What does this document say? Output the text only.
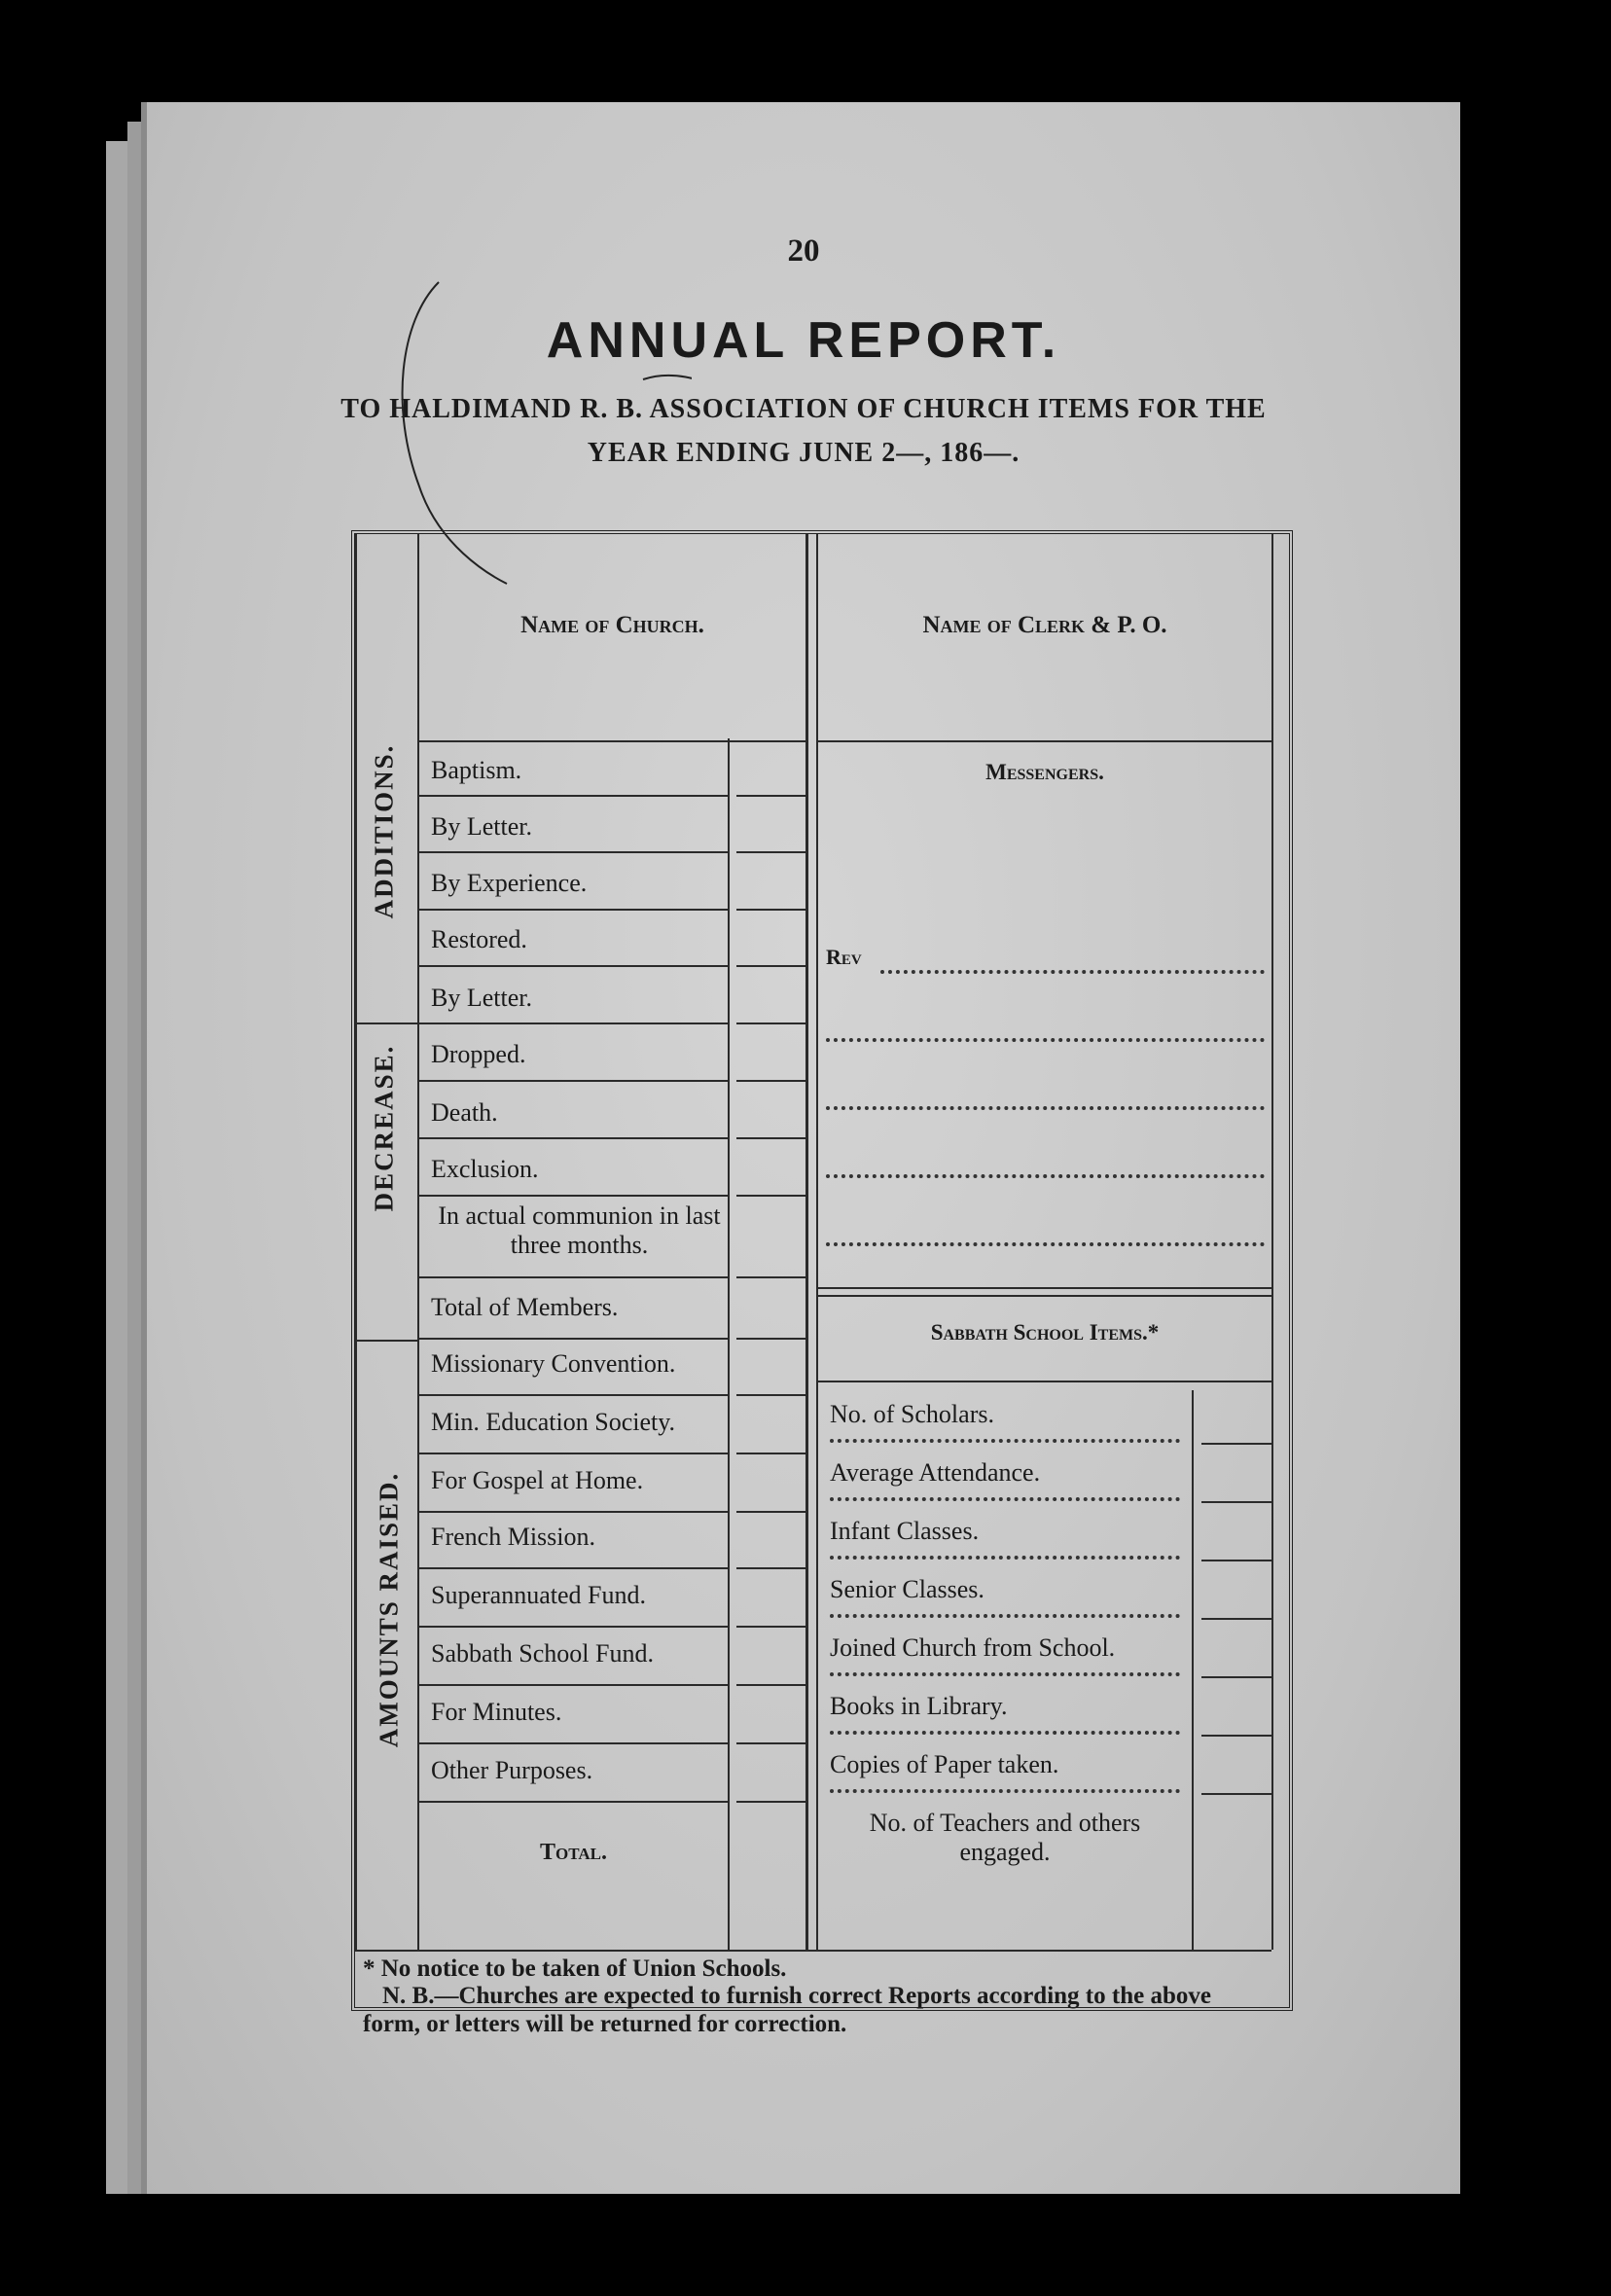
20
ANNUAL REPORT.
TO HALDIMAND R. B. ASSOCIATION OF CHURCH ITEMS FOR THE
YEAR ENDING JUNE 2—, 186—.
Name of Church.	Name of Clerk & P. O.
ADDITIONS.
DECREASE.
AMOUNTS RAISED.
Baptism.
By Letter.
By Experience.
Restored.
By Letter.
Dropped.
Death.
Exclusion.
In actual communion in last three months.
Total of Members.
Missionary Convention.
Min. Education Society.
For Gospel at Home.
French Mission.
Superannuated Fund.
Sabbath School Fund.
For Minutes.
Other Purposes.
Total.
Messengers.
Rev
Sabbath School Items.*
No. of Scholars.
Average Attendance.
Infant Classes.
Senior Classes.
Joined Church from School.
Books in Library.
Copies of Paper taken.
No. of Teachers and others engaged.
* No notice to be taken of Union Schools.
N. B.—Churches are expected to furnish correct Reports according to the above form, or letters will be returned for correction.
